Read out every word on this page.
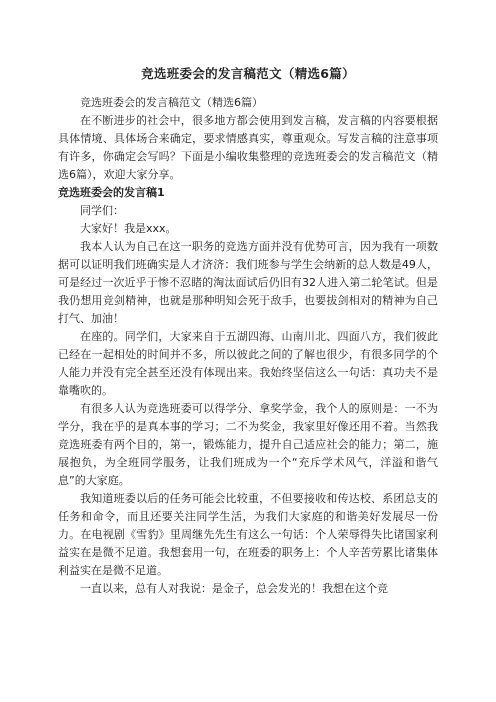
竞选班委会的发言稿范文（精选6篇）

竞选班委会的发言稿范文（精选6篇）

在不断进步的社会中，很多地方都会使用到发言稿，发言稿的内容要根据具体情境、具体场合来确定，要求情感真实，尊重观众。写发言稿的注意事项有许多，你确定会写吗？下面是小编收集整理的竞选班委会的发言稿范文（精选6篇），欢迎大家分享。

竞选班委会的发言稿1

同学们：

大家好！我是xxx。

我本人认为自己在这一职务的竞选方面并没有优势可言，因为我有一项数据可以证明我们班确实是人才济济：我们班参与学生会纳新的总人数是49人，可是经过一次近乎于惨不忍睹的淘汰面试后仍旧有32人进入第二轮笔试。但是我仍想用竞剑精神，也就是那种明知会死于敌手，也要拔剑相对的精神为自己打气、加油！

在座的。同学们，大家来自于五湖四海、山南川北、四面八方，我们彼此已经在一起相处的时间并不多，所以彼此之间的了解也很少，有很多同学的个人能力并没有完全甚至还没有体现出来。我始终坚信这么一句话：真功夫不是靠嘴吹的。

有很多人认为竞选班委可以得学分、拿奖学金，我个人的原则是：一不为学分，我在乎的是真本事的学习；二不为奖金，我家里好像还用不着。当然我竞选班委有两个目的，第一，锻炼能力，提升自己适应社会的能力；第二，施展抱负，为全班同学服务，让我们班成为一个“充斥学术风气，洋溢和谐气息”的大家庭。

我知道班委以后的任务可能会比较重，不但要接收和传达校、系团总支的任务和命令，而且还要关注同学生活，为我们大家庭的和谐美好发展尽一份力。在电视剧《雪豹》里周继先先生有这么一句话：个人荣辱得失比诸国家利益实在是微不足道。我想套用一句，在班委的职务上：个人辛苦劳累比诸集体利益实在是微不足道。

一直以来，总有人对我说：是金子，总会发光的！我想在这个竞
